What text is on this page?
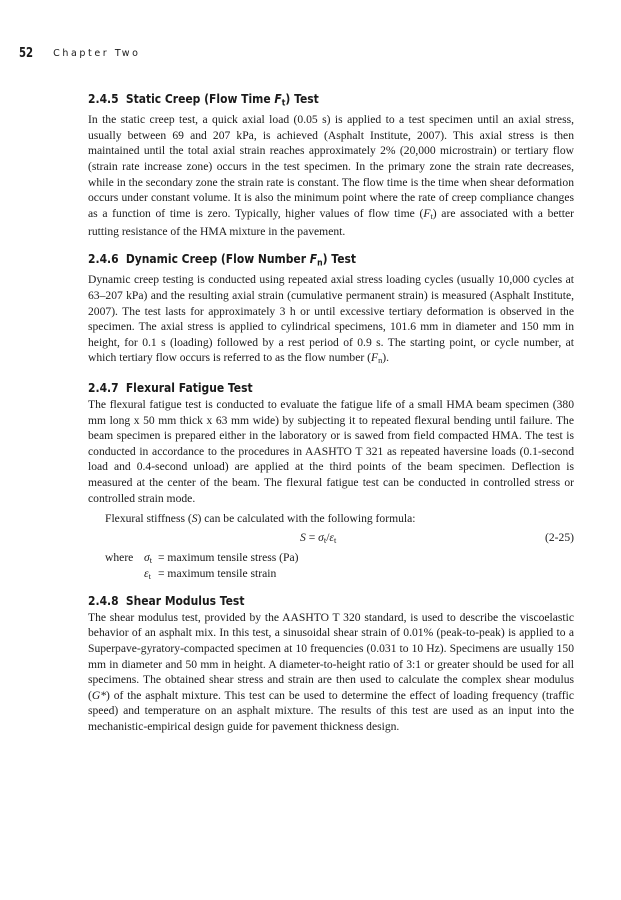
52 Chapter Two
2.4.5 Static Creep (Flow Time $F_t$) Test

In the static creep test, a quick axial load (0.05 s) is applied to a test specimen until an axial stress, usually between 69 and 207 kPa, is achieved (Asphalt Institute, 2007). This axial stress is then maintained until the total axial strain reaches approximately 2% (20,000 microstrain) or tertiary flow (strain rate increase zone) occurs in the test specimen. In the primary zone the strain rate decreases, while in the secondary zone the strain rate is constant. The flow time is the time when shear deformation occurs under constant volume. It is also the minimum point where the rate of creep compliance changes as a function of time is zero. Typically, higher values of flow time $(F_t)$ are associated with a better rutting resistance of the HMA mixture in the pavement.

2.4.6 Dynamic Creep (Flow Number $F_n$) Test

Dynamic creep testing is conducted using repeated axial stress loading cycles (usually 10,000 cycles at 63–207 kPa) and the resulting axial strain (cumulative permanent strain) is measured (Asphalt Institute, 2007). The test lasts for approximately 3 h or until excessive tertiary deformation is observed in the specimen. The axial stress is applied to cylindrical specimens, 101.6 mm in diameter and 150 mm in height, for 0.1 s (loading) followed by a rest period of 0.9 s. The starting point, or cycle number, at which tertiary flow occurs is referred to as the flow number $(F_n)$.

2.4.7 Flexural Fatigue Test

The flexural fatigue test is conducted to evaluate the fatigue life of a small HMA beam specimen (380 mm long x 50 mm thick x 63 mm wide) by subjecting it to repeated flexural bending until failure. The beam specimen is prepared either in the laboratory or is sawed from field compacted HMA. The test is conducted in accordance to the procedures in AASHTO T 321 as repeated haversine loads (0.1-second load and 0.4-second unload) are applied at the third points of the beam specimen. Deflection is measured at the center of the beam. The flexural fatigue test can be conducted in controlled stress or controlled strain mode.

Flexural stiffness (S) can be calculated with the following formula:

$S = \sigma_t/\varepsilon_t$	(2-25)
where $\sigma_t$ = maximum tensile stress (Pa)
$\varepsilon_t$ = maximum tensile strain
2.4.8 Shear Modulus Test

The shear modulus test, provided by the AASHTO T 320 standard, is used to describe the viscoelastic behavior of an asphalt mix. In this test, a sinusoidal shear strain of 0.01% (peak-to-peak) is applied to a Superpave-gyratory-compacted specimen at 10 frequencies (0.031 to 10 Hz). Specimens are usually 150 mm in diameter and 50 mm in height. A diameter-to-height ratio of 3:1 or greater should be used for all specimens. The obtained shear stress and strain are then used to calculate the complex shear modulus (G*) of the asphalt mixture. This test can be used to determine the effect of loading frequency (traffic speed) and temperature on an asphalt mixture. The results of this test are used as an input into the mechanistic-empirical design guide for pavement thickness design.
